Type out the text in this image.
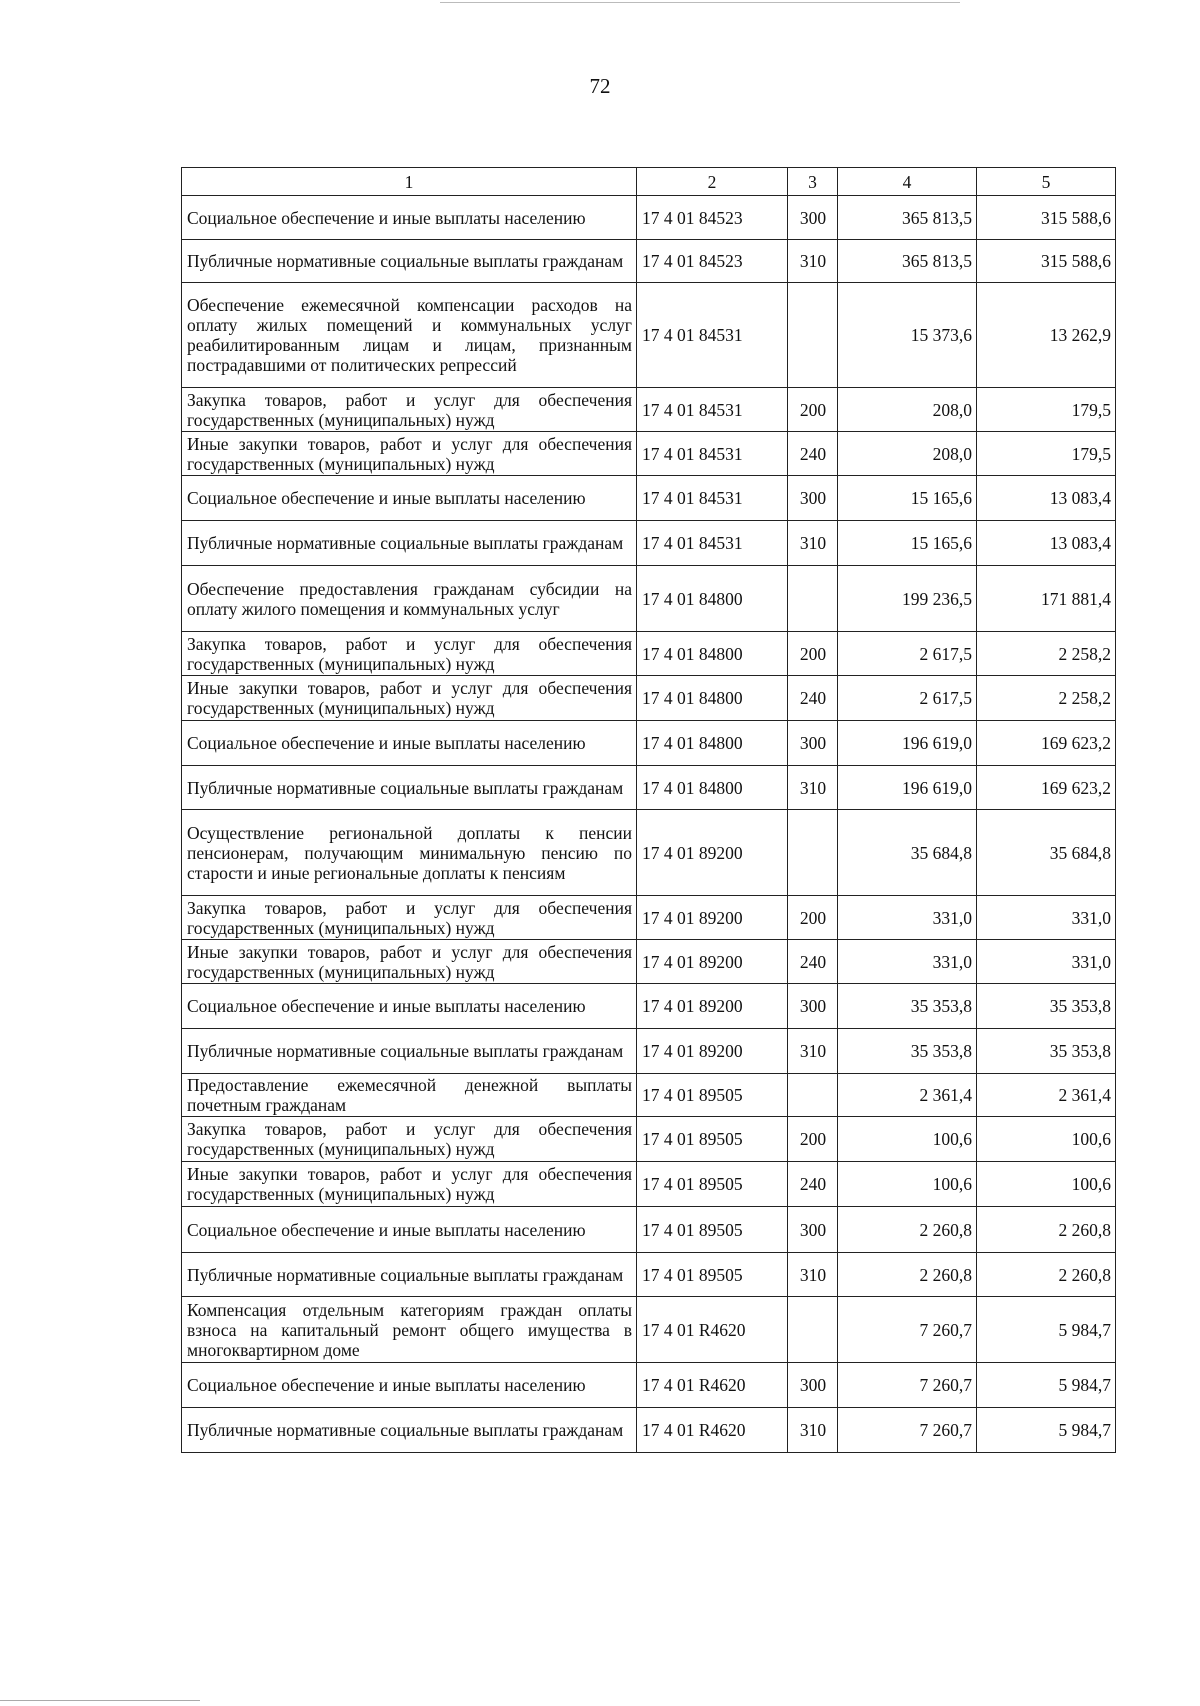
72
1	2	3	4	5
Социальное обеспечение и иные выплаты населению	17 4 01 84523	300	365 813,5	315 588,6
Публичные нормативные социальные выплаты гражданам	17 4 01 84523	310	365 813,5	315 588,6
Обеспечение ежемесячной компенсации расходов на оплату жилых помещений и коммунальных услуг реабилитированным лицам и лицам, признанным пострадавшими от политических репрессий	17 4 01 84531		15 373,6	13 262,9
Закупка товаров, работ и услуг для обеспечения государственных (муниципальных) нужд	17 4 01 84531	200	208,0	179,5
Иные закупки товаров, работ и услуг для обеспечения государственных (муниципальных) нужд	17 4 01 84531	240	208,0	179,5
Социальное обеспечение и иные выплаты населению	17 4 01 84531	300	15 165,6	13 083,4
Публичные нормативные социальные выплаты гражданам	17 4 01 84531	310	15 165,6	13 083,4
Обеспечение предоставления гражданам субсидии на оплату жилого помещения и коммунальных услуг	17 4 01 84800		199 236,5	171 881,4
Закупка товаров, работ и услуг для обеспечения государственных (муниципальных) нужд	17 4 01 84800	200	2 617,5	2 258,2
Иные закупки товаров, работ и услуг для обеспечения государственных (муниципальных) нужд	17 4 01 84800	240	2 617,5	2 258,2
Социальное обеспечение и иные выплаты населению	17 4 01 84800	300	196 619,0	169 623,2
Публичные нормативные социальные выплаты гражданам	17 4 01 84800	310	196 619,0	169 623,2
Осуществление региональной доплаты к пенсии пенсионерам, получающим минимальную пенсию по старости и иные региональные доплаты к пенсиям	17 4 01 89200		35 684,8	35 684,8
Закупка товаров, работ и услуг для обеспечения государственных (муниципальных) нужд	17 4 01 89200	200	331,0	331,0
Иные закупки товаров, работ и услуг для обеспечения государственных (муниципальных) нужд	17 4 01 89200	240	331,0	331,0
Социальное обеспечение и иные выплаты населению	17 4 01 89200	300	35 353,8	35 353,8
Публичные нормативные социальные выплаты гражданам	17 4 01 89200	310	35 353,8	35 353,8
Предоставление ежемесячной денежной выплаты почетным гражданам	17 4 01 89505		2 361,4	2 361,4
Закупка товаров, работ и услуг для обеспечения государственных (муниципальных) нужд	17 4 01 89505	200	100,6	100,6
Иные закупки товаров, работ и услуг для обеспечения государственных (муниципальных) нужд	17 4 01 89505	240	100,6	100,6
Социальное обеспечение и иные выплаты населению	17 4 01 89505	300	2 260,8	2 260,8
Публичные нормативные социальные выплаты гражданам	17 4 01 89505	310	2 260,8	2 260,8
Компенсация отдельным категориям граждан оплаты взноса на капитальный ремонт общего имущества в многоквартирном доме	17 4 01 R4620		7 260,7	5 984,7
Социальное обеспечение и иные выплаты населению	17 4 01 R4620	300	7 260,7	5 984,7
Публичные нормативные социальные выплаты гражданам	17 4 01 R4620	310	7 260,7	5 984,7
